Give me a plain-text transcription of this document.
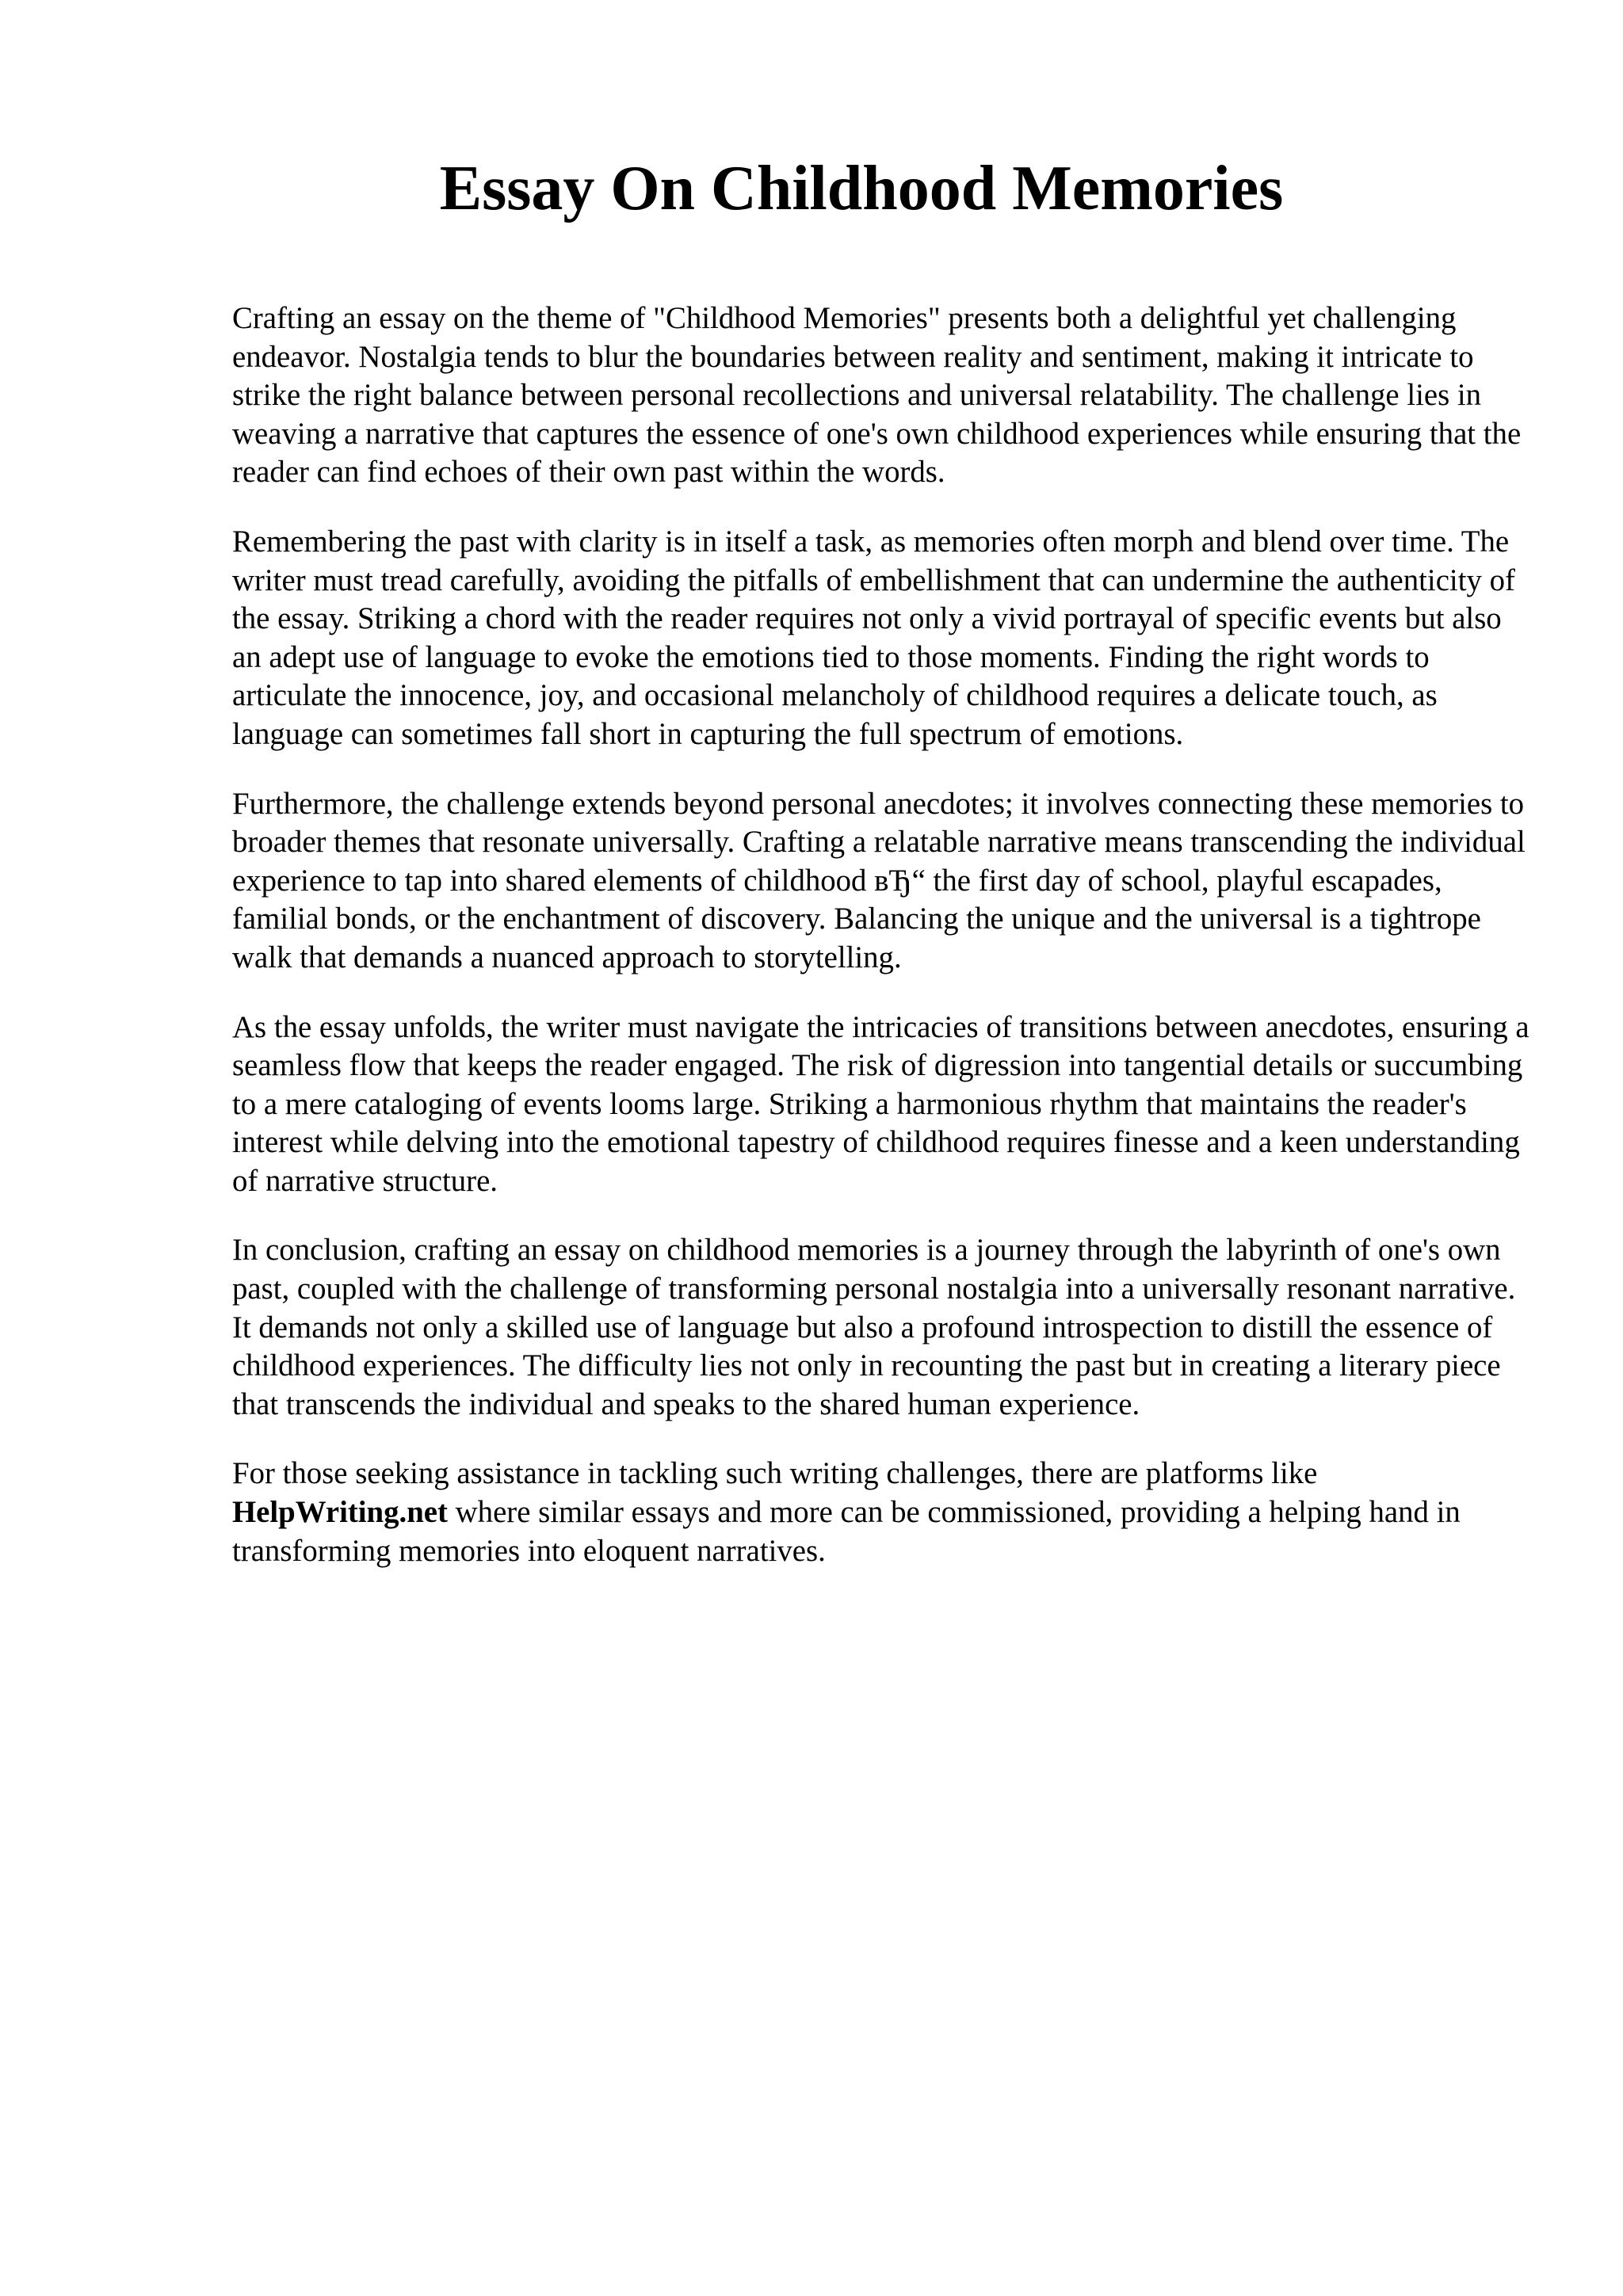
Essay On Childhood Memories

Crafting an essay on the theme of "Childhood Memories" presents both a delightful yet challenging endeavor. Nostalgia tends to blur the boundaries between reality and sentiment, making it intricate to strike the right balance between personal recollections and universal relatability. The challenge lies in weaving a narrative that captures the essence of one's own childhood experiences while ensuring that the reader can find echoes of their own past within the words.

Remembering the past with clarity is in itself a task, as memories often morph and blend over time. The writer must tread carefully, avoiding the pitfalls of embellishment that can undermine the authenticity of the essay. Striking a chord with the reader requires not only a vivid portrayal of specific events but also an adept use of language to evoke the emotions tied to those moments. Finding the right words to articulate the innocence, joy, and occasional melancholy of childhood requires a delicate touch, as language can sometimes fall short in capturing the full spectrum of emotions.

Furthermore, the challenge extends beyond personal anecdotes; it involves connecting these memories to broader themes that resonate universally. Crafting a relatable narrative means transcending the individual experience to tap into shared elements of childhood вЂ“ the first day of school, playful escapades, familial bonds, or the enchantment of discovery. Balancing the unique and the universal is a tightrope walk that demands a nuanced approach to storytelling.

As the essay unfolds, the writer must navigate the intricacies of transitions between anecdotes, ensuring a seamless flow that keeps the reader engaged. The risk of digression into tangential details or succumbing to a mere cataloging of events looms large. Striking a harmonious rhythm that maintains the reader's interest while delving into the emotional tapestry of childhood requires finesse and a keen understanding of narrative structure.

In conclusion, crafting an essay on childhood memories is a journey through the labyrinth of one's own past, coupled with the challenge of transforming personal nostalgia into a universally resonant narrative. It demands not only a skilled use of language but also a profound introspection to distill the essence of childhood experiences. The difficulty lies not only in recounting the past but in creating a literary piece that transcends the individual and speaks to the shared human experience.

For those seeking assistance in tackling such writing challenges, there are platforms like HelpWriting.net where similar essays and more can be commissioned, providing a helping hand in transforming memories into eloquent narratives.
